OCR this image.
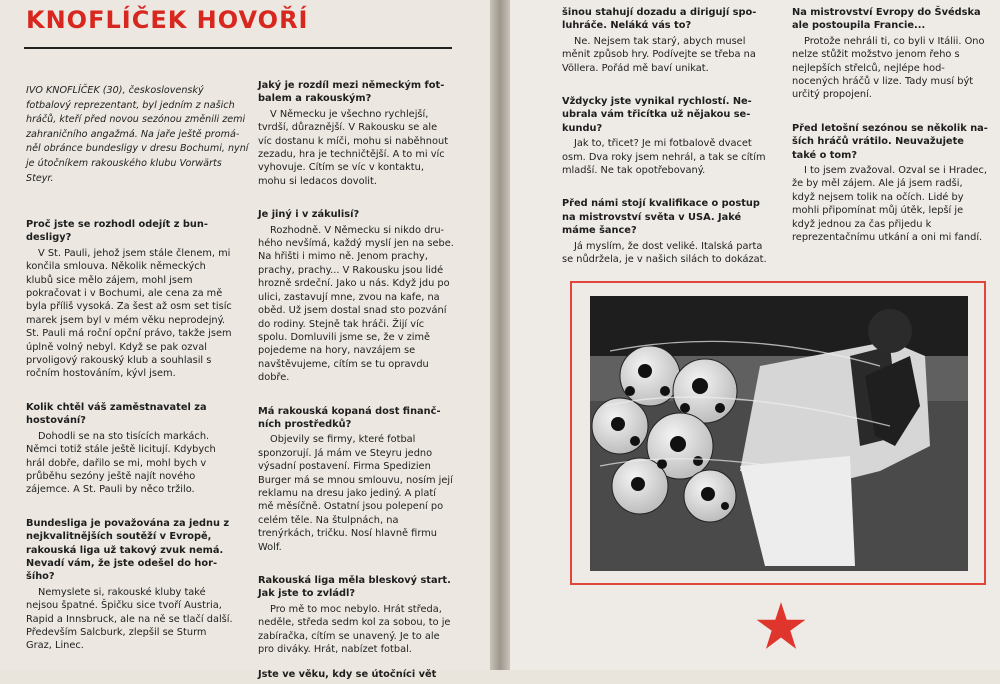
KNOFLÍČEK HOVOŘÍ

IVO KNOFLÍČEK (30), československý fotbalový reprezentant, byl jedním z našich hráčů, kteří před novou sezónou změnili zemi zahraničního angažmá. Na jaře ještě prománěl obránce bundesligy v dresu Bochumi, nyní je útočníkem rakouského klubu Vorwärts Steyr.

Proč jste se rozhodl odejít z bundesligy?

V St. Pauli, jehož jsem stále členem, mi končila smlouva. Několik německých klubů sice mělo zájem, mohl jsem pokračovat i v Bochumi, ale cena za mě byla příliš vysoká. Za šest až osm set tisíc marek jsem byl v mém věku neprodejný. St. Pauli má roční opční právo, takže jsem úplně volný nebyl. Když se pak ozval prvoligový rakouský klub a souhlasil s ročním hostováním, kývl jsem.

Kolik chtěl váš zaměstnavatel za hostování?

Dohodli se na sto tisících markách. Němci totiž stále ještě licitují. Kdybych hrál dobře, dařilo se mi, mohl bych v průběhu sezóny ještě najít nového zájemce. A St. Pauli by něco tržilo.

Bundesliga je považována za jednu z nejkvalitnějších soutěží v Evropě, rakouská liga už takový zvuk nemá. Nevadí vám, že jste odešel do horšího?

Nemyslete si, rakouské kluby také nejsou špatné. Špičku sice tvoří Austria, Rapid a Innsbruck, ale na ně se tlačí další. Především Salcburk, zlepšil se Sturm Graz, Linec.

Jaký je rozdíl mezi německým fotbalem a rakouským?

V Německu je všechno rychlejší, tvrdší, důraznější. V Rakousku se ale víc dostanu k míči, mohu si naběhnout zezadu, hra je techničtější. A to mi víc vyhovuje. Cítím se víc v kontaktu, mohu si ledacos dovolit.

Je jiný i v zákulisí?

Rozhodně. V Německu si nikdo druhého nevšímá, každý myslí jen na sebe. Na hřišti i mimo ně. Jenom prachy, prachy, prachy... V Rakousku jsou lidé hrozně srdeční. Jako u nás. Když jdu po ulici, zastavují mne, zvou na kafe, na oběd. Už jsem dostal snad sto pozvání do rodiny. Stejně tak hráči. Žijí víc spolu. Domluvili jsme se, že v zimě pojedeme na hory, navzájem se navštěvujeme, cítím se tu opravdu dobře.

Má rakouská kopaná dost finančních prostředků?

Objevily se firmy, které fotbal sponzorují. Já mám ve Steyru jedno výsadní postavení. Firma Spedizien Burger má se mnou smlouvu, nosím její reklamu na dresu jako jediný. A platí mě měsíčně. Ostatní jsou polepení po celém těle. Na štulpnách, na trenýrkách, tričku. Nosí hlavně firmu Wolf.

Rakouská liga měla bleskový start. Jak jste to zvládl?

Pro mě to moc nebylo. Hrát středa, neděle, středa sedm kol za sobou, to je zabíračka, cítím se unavený. Je to ale pro diváky. Hrát, nabízet fotbal.

Jste ve věku, kdy se útočníci vět

šinou stahují dozadu a dirigují spoluhráče. Nelákά vás to?

Ne. Nejsem tak starý, abych musel měnit způsob hry. Podívejte se třeba na Völlera. Pořád mě baví unikat.

Vždycky jste vynikal rychlostí. Neubrala vám třicítka už nějakou sekundu?

Jak to, třicet? Je mi fotbalově dvacet osm. Dva roky jsem nehrál, a tak se cítím mladší. Ne tak opotřebovaný.

Před námi stojí kvalifikace o postup na mistrovství světa v USA. Jaké máme šance?

Já myslím, že dost veliké. Italská parta se nůdržela, je v našich silách to dokázat.

Na mistrovství Evropy do Švédska ale postoupila Francie...

Protože nehráli ti, co byli v Itálii. Ono nelze stůžit možstvo jenom řeho s nejlepších střelců, nejlépe hodnocených hráčů v lize. Tady musí být určitý propojení.

Před letošní sezónou se několik naších hráčů vrátilo. Neuvažujete také o tom?

I to jsem zvažoval. Ozval se i Hradec, že by měl zájem. Ale já jsem radši, když nejsem tolik na očích. Lidé by mohli připomínat můj útěk, lepší je když jednou za čas přijedu k reprezentačnímu utkání a oni mi fandí.
